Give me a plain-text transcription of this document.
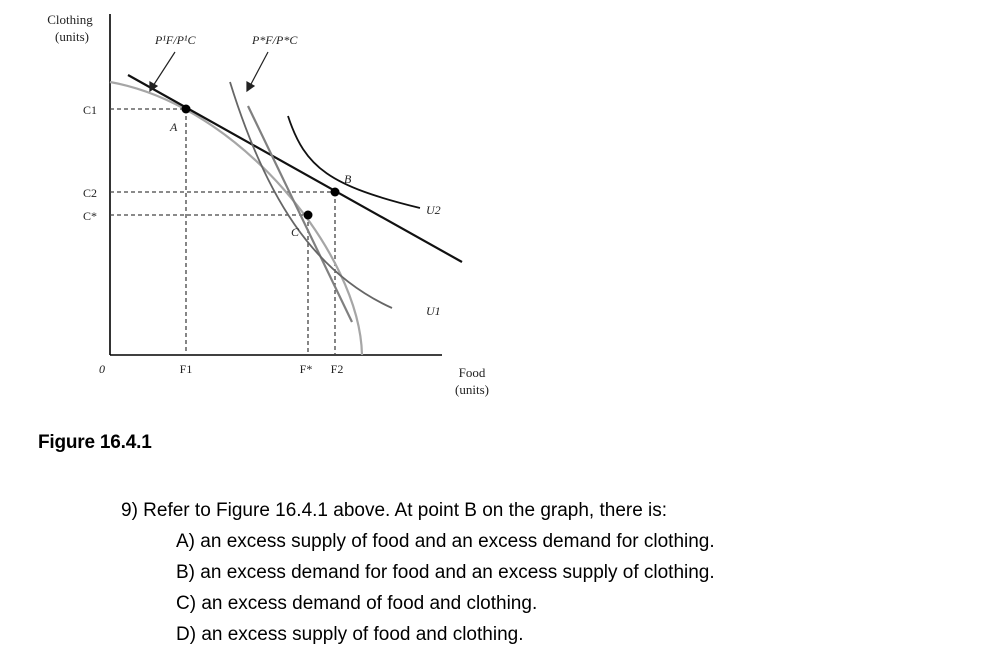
Clothing
(units)
Food
(units)
0
P¹F/P¹C	P*F/P*C
C1
C2
C*
F1	F* F2
A
B
C
U2
U1
Figure 16.4.1

9) Refer to Figure 16.4.1 above. At point B on the graph, there is:

A) an excess supply of food and an excess demand for clothing.

B) an excess demand for food and an excess supply of clothing.

C) an excess demand of food and clothing.

D) an excess supply of food and clothing.
